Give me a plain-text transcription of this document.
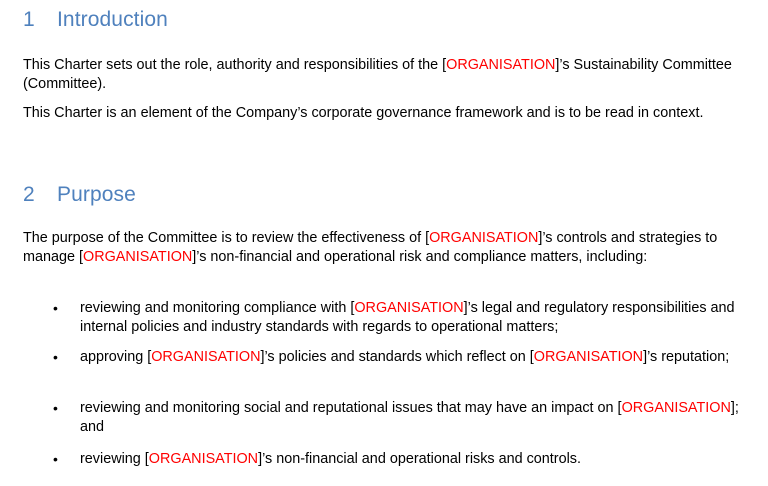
1 Introduction

This Charter sets out the role, authority and responsibilities of the [ORGANISATION]’s Sustainability Committee (Committee).

This Charter is an element of the Company’s corporate governance framework and is to be read in context.

2 Purpose

The purpose of the Committee is to review the effectiveness of [ORGANISATION]’s controls and strategies to manage [ORGANISATION]’s non-financial and operational risk and compliance matters, including:

• reviewing and monitoring compliance with [ORGANISATION]’s legal and regulatory responsibilities and internal policies and industry standards with regards to operational matters;
• approving [ORGANISATION]’s policies and standards which reflect on [ORGANISATION]’s reputation;
• reviewing and monitoring social and reputational issues that may have an impact on [ORGANISATION]; and
• reviewing [ORGANISATION]’s non-financial and operational risks and controls.
